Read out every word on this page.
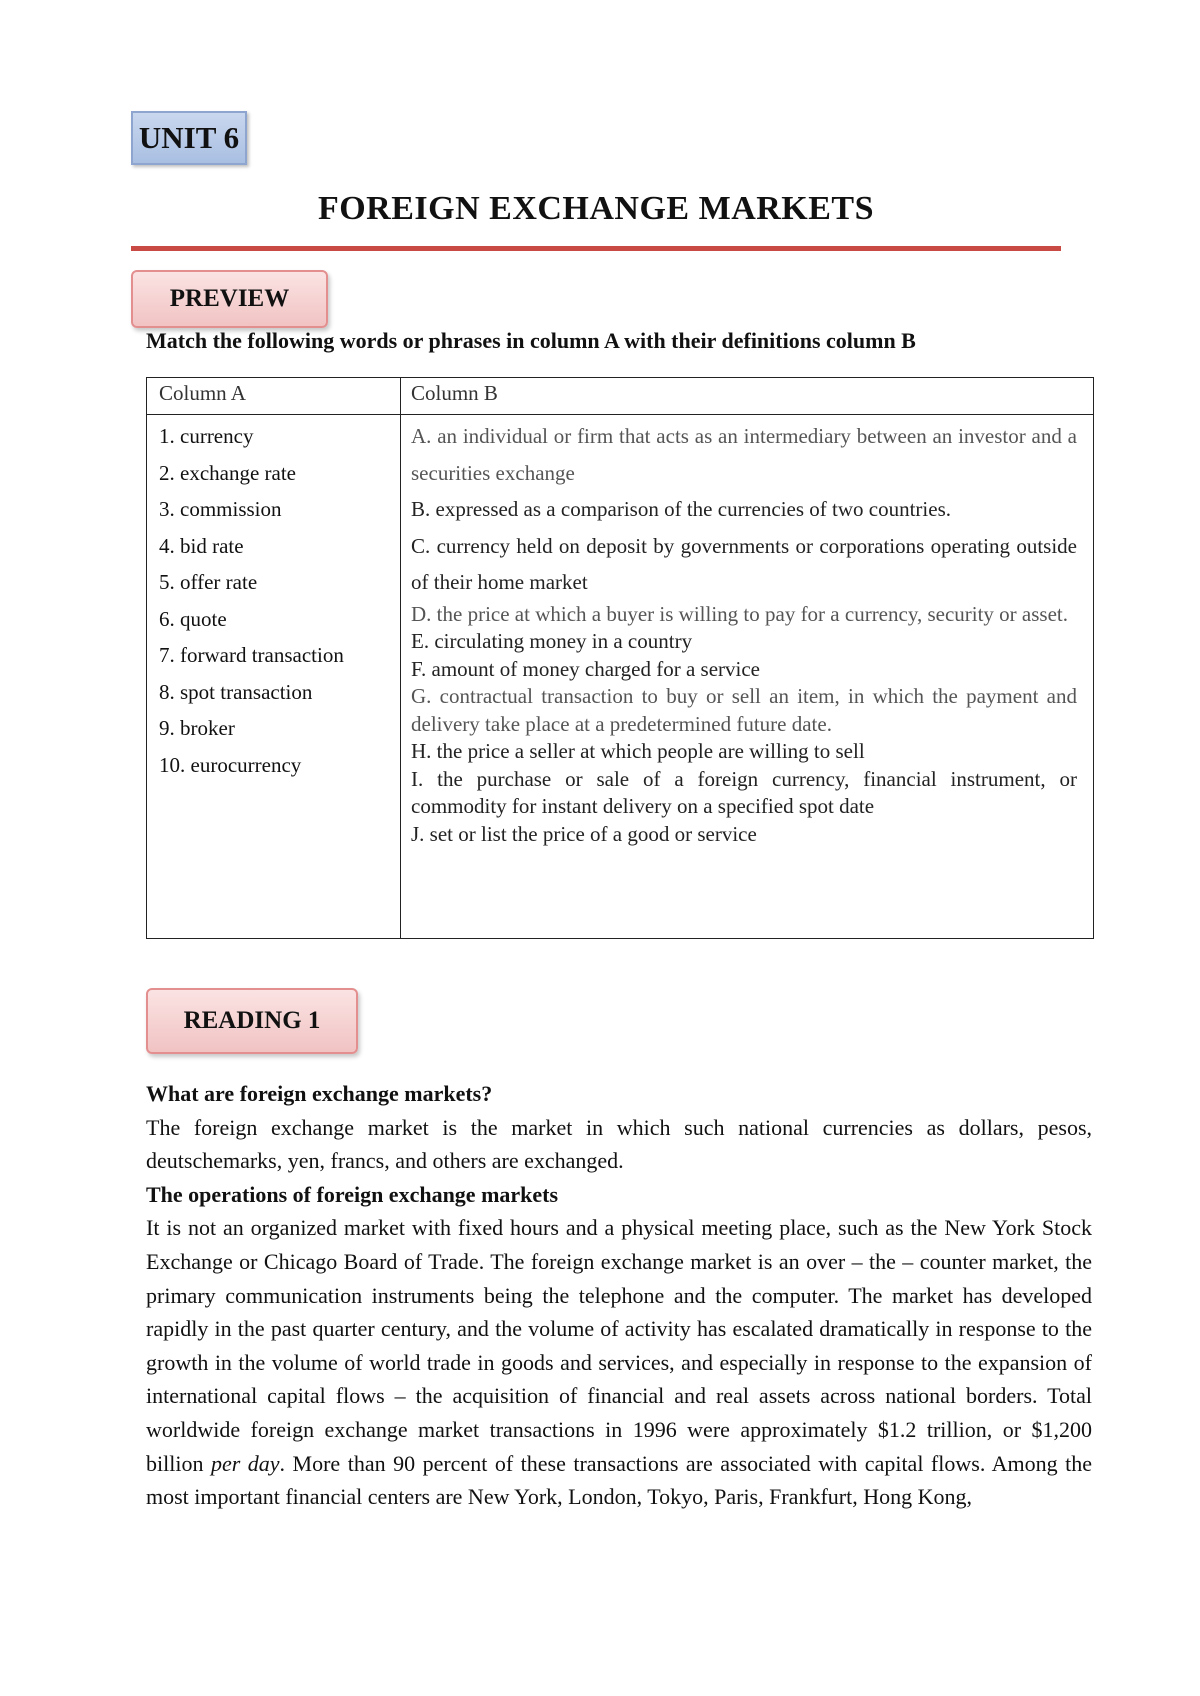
UNIT 6
FOREIGN EXCHANGE MARKETS
PREVIEW
Match the following words or phrases in column A with their definitions column B
Column A	Column B
1. currency
2. exchange rate
3. commission
4. bid rate
5. offer rate
6. quote
7. forward transaction
8. spot transaction
9. broker
10. eurocurrency

A. an individual or firm that acts as an intermediary between an investor and a securities exchange

B. expressed as a comparison of the currencies of two countries.

C. currency held on deposit by governments or corporations operating outside of their home market

D. the price at which a buyer is willing to pay for a currency, security or asset.

E. circulating money in a country

F. amount of money charged for a service

G. contractual transaction to buy or sell an item, in which the payment and delivery take place at a predetermined future date.

H. the price a seller at which people are willing to sell

I. the purchase or sale of a foreign currency, financial instrument, or commodity for instant delivery on a specified spot date

J. set or list the price of a good or service

READING 1

What are foreign exchange markets?

The foreign exchange market is the market in which such national currencies as dollars, pesos, deutschemarks, yen, francs, and others are exchanged.

The operations of foreign exchange markets

It is not an organized market with fixed hours and a physical meeting place, such as the New York Stock Exchange or Chicago Board of Trade. The foreign exchange market is an over – the – counter market, the primary communication instruments being the telephone and the computer. The market has developed rapidly in the past quarter century, and the volume of activity has escalated dramatically in response to the growth in the volume of world trade in goods and services, and especially in response to the expansion of international capital flows – the acquisition of financial and real assets across national borders. Total worldwide foreign exchange market transactions in 1996 were approximately $1.2 trillion, or $1,200 billion per day. More than 90 percent of these transactions are associated with capital flows. Among the most important financial centers are New York, London, Tokyo, Paris, Frankfurt, Hong Kong,
